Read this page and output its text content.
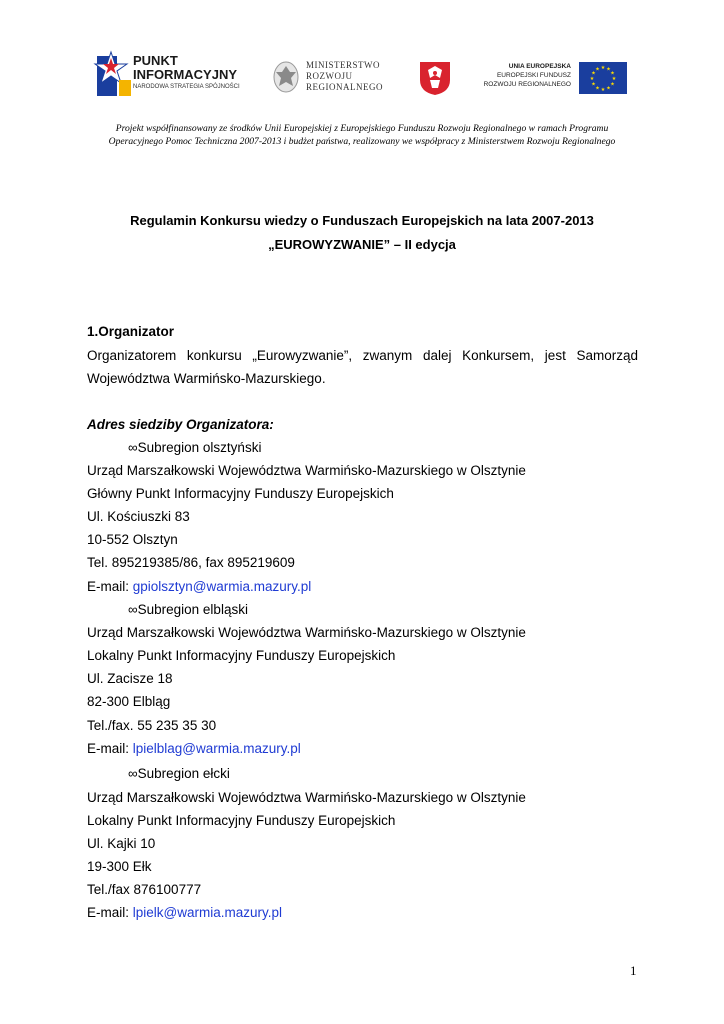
PUNKT
INFORMACYJNY
NARODOWA STRATEGIA SPÓJNOŚCI
MINISTERSTWO
ROZWOJU
REGIONALNEGO
UNIA EUROPEJSKA
EUROPEJSKI FUNDUSZ
ROZWOJU REGIONALNEGO
★ ★
★
★
★
★
★
★
★
★
★
★
Projekt współfinansowany ze środków Unii Europejskiej z Europejskiego Funduszu Rozwoju Regionalnego w ramach Programu
Operacyjnego Pomoc Techniczna 2007-2013 i budżet państwa, realizowany we współpracy z Ministerstwem Rozwoju Regionalnego
Regulamin Konkursu wiedzy o Funduszach Europejskich na lata 2007-2013
„EUROWYZWANIE” – II edycja
1.Organizator
Organizatorem konkursu „Eurowyzwanie”, zwanym dalej Konkursem, jest Samorząd
Województwa Warmińsko-Mazurskiego.
Adres siedziby Organizatora:
∞Subregion olsztyński
Urząd Marszałkowski Województwa Warmińsko-Mazurskiego w Olsztynie
Główny Punkt Informacyjny Funduszy Europejskich
Ul. Kościuszki 83
10-552 Olsztyn
Tel. 895219385/86, fax 895219609
E-mail: gpiolsztyn@warmia.mazury.pl
∞Subregion elbląski
Urząd Marszałkowski Województwa Warmińsko-Mazurskiego w Olsztynie
Lokalny Punkt Informacyjny Funduszy Europejskich
Ul. Zacisze 18
82-300 Elbląg
Tel./fax. 55 235 35 30
E-mail: lpielblag@warmia.mazury.pl
∞Subregion ełcki
Urząd Marszałkowski Województwa Warmińsko-Mazurskiego w Olsztynie
Lokalny Punkt Informacyjny Funduszy Europejskich
Ul. Kajki 10
19-300 Ełk
Tel./fax 876100777
E-mail: lpielk@warmia.mazury.pl
1
